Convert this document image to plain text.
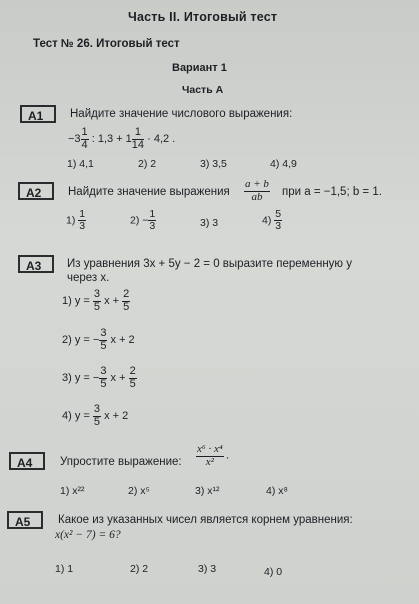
Часть II. Итоговый тест
Тест № 26. Итоговый тест
Вариант 1
Часть А
А1	Найдите значение числового выражения:
$-3 \frac{1}{4}$ : $1,3 + 1 \frac{1}{14} \cdot 4,2$ .
1) 4,1	2) 2	3) 3,5	4) 4,9
А2	Найдите значение выражения $\frac{a + b}{ab}$ при a = −1,5; b = 1.
$1) \frac{1}{3}$	$2) - \frac{1}{3}$	3) 3	$4) \frac{5}{3}$
А3	Из уравнения 3x + 5y − 2 = 0 выразите переменную y
через x.
1) $y = \frac{3}{5}$ $x + \frac{2}{5}$
2) y = − $\frac{3}{5}$ x + 2
3) y = − $\frac{3}{5}$ $x + \frac{2}{5}$
4) $y = \frac{3}{5}$ x + 2
А4	Упростите выражение: $\frac{\text{x⁶ · x⁴}}{\text{x²}}$ .
1) x²²	2) x⁵	3) x¹²	4) x⁸
А5	Какое из указанных чисел является корнем уравнения:
x(x² − 7) = 6?
1) 1	2) 2	3) 3	4) 0
